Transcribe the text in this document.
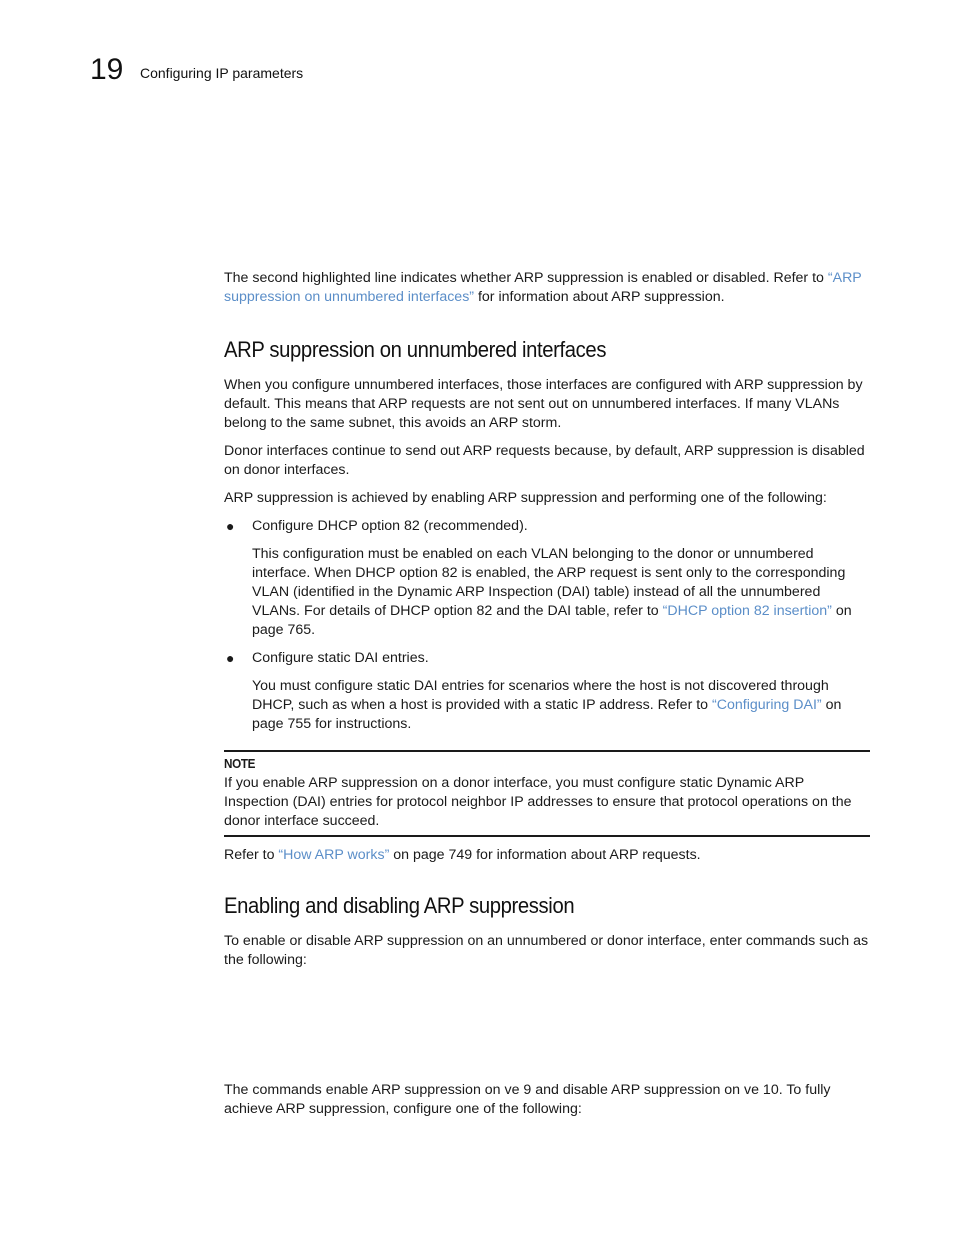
19 Configuring IP parameters

The second highlighted line indicates whether ARP suppression is enabled or disabled. Refer to “ARP suppression on unnumbered interfaces” for information about ARP suppression.

ARP suppression on unnumbered interfaces

When you configure unnumbered interfaces, those interfaces are configured with ARP suppression by default. This means that ARP requests are not sent out on unnumbered interfaces. If many VLANs belong to the same subnet, this avoids an ARP storm.

Donor interfaces continue to send out ARP requests because, by default, ARP suppression is disabled on donor interfaces.

ARP suppression is achieved by enabling ARP suppression and performing one of the following:

● Configure DHCP option 82 (recommended).

This configuration must be enabled on each VLAN belonging to the donor or unnumbered interface. When DHCP option 82 is enabled, the ARP request is sent only to the corresponding VLAN (identified in the Dynamic ARP Inspection (DAI) table) instead of all the unnumbered VLANs. For details of DHCP option 82 and the DAI table, refer to “DHCP option 82 insertion” on page 765.

● Configure static DAI entries.

You must configure static DAI entries for scenarios where the host is not discovered through DHCP, such as when a host is provided with a static IP address. Refer to “Configuring DAI” on page 755 for instructions.

NOTE

If you enable ARP suppression on a donor interface, you must configure static Dynamic ARP Inspection (DAI) entries for protocol neighbor IP addresses to ensure that protocol operations on the donor interface succeed.

Refer to “How ARP works” on page 749 for information about ARP requests.

Enabling and disabling ARP suppression

To enable or disable ARP suppression on an unnumbered or donor interface, enter commands such as the following:

The commands enable ARP suppression on ve 9 and disable ARP suppression on ve 10. To fully achieve ARP suppression, configure one of the following:
